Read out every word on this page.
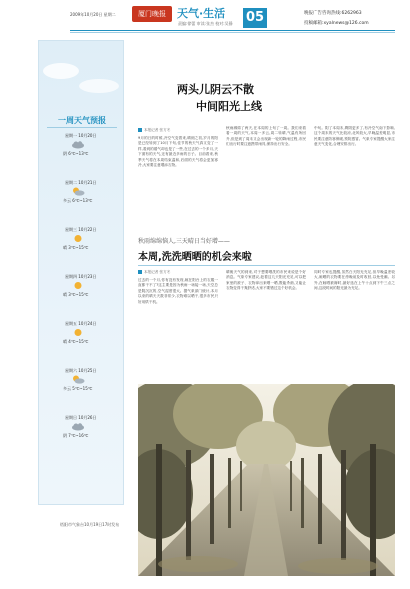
2009年10月20日 星期二	厦门晚报	天气·生活
责编:徐蕾 审读:张杰 校对:吴静 05	晚报广告咨询热线:6262963
投稿邮箱:xyalnews@126.com
一周天气预报
星期一 10月20日
阴 6℃~13℃
星期二 10月21日
多云 6℃~13℃
星期三 10月22日
晴 3℃~15℃
星期四 10月23日
晴 3℃~15℃
星期五 10月24日
晴 4℃~15℃
星期六 10月25日
多云 5℃~15℃
星期日 10月26日
阴 7℃~16℃
缙阳市气象台10月19日17时发布
两头儿阴云不散
中间阳光上线
本报记者 张方冬
9月的日的时候,冷空气变着来,晴朗之初,岁月的阳是已经转到了10月下旬,佳节的秋天气真又变了一样,看到的缙气却也是了一些,在过去的一个多月,天下面有的天气,还有最近多雨的日子。目前看来,秋季天气将在本周结束温和,后面的天气将会更加寒冷,大家要注意增添衣物。
秋雨淋绵了两天,在本周的上旬了一周。我们来看看一周的天气,本周一多云,周二转晴,气温有所回升,但是到了周末又会出现新一轮的降雨过程,市民们出行时要注意携带雨具,保持出行安全。
中旬。阴了本周末,剩阴更多了,有冷空气南下影响,这个周末的天气比较凉,北风较大,早晚温差明显,市民要注意防寒保暖,预防感冒。气象专家提醒大家注意天气变化,合理安排出行。
秋雨绵绵恼人,三天晴日当好增——
本周,洗洗晒晒的机会来啦
本报记者 张方冬
过去的一个月,你有没有发现,晾在阳台上的衣服一直都干不了?这主要是因为秋雨一场接一场,天空总是阴沉沉的,空气湿度很大。据气象部门统计,本月以来的晴天天数非常少,衣物难以晒干,很多市民只好用烘干机。
晴朗天气的到来,对于想要晒洗的市民来说是个好消息。气象专家建议,趁着这几天阳光充足,可以把家里的被子、衣物拿出来晒一晒,既能杀菌,又能让衣物变得干爽舒适,大家不要错过这个好机会。
同时专家也提醒,虽然白天阳光充足,但早晚温差较大,晾晒的衣物要在傍晚前及时收回,以免受潮。另外,在晾晒被褥时,最好选在上午十点到下午三点之间,这段时间的阳光最为充足。
